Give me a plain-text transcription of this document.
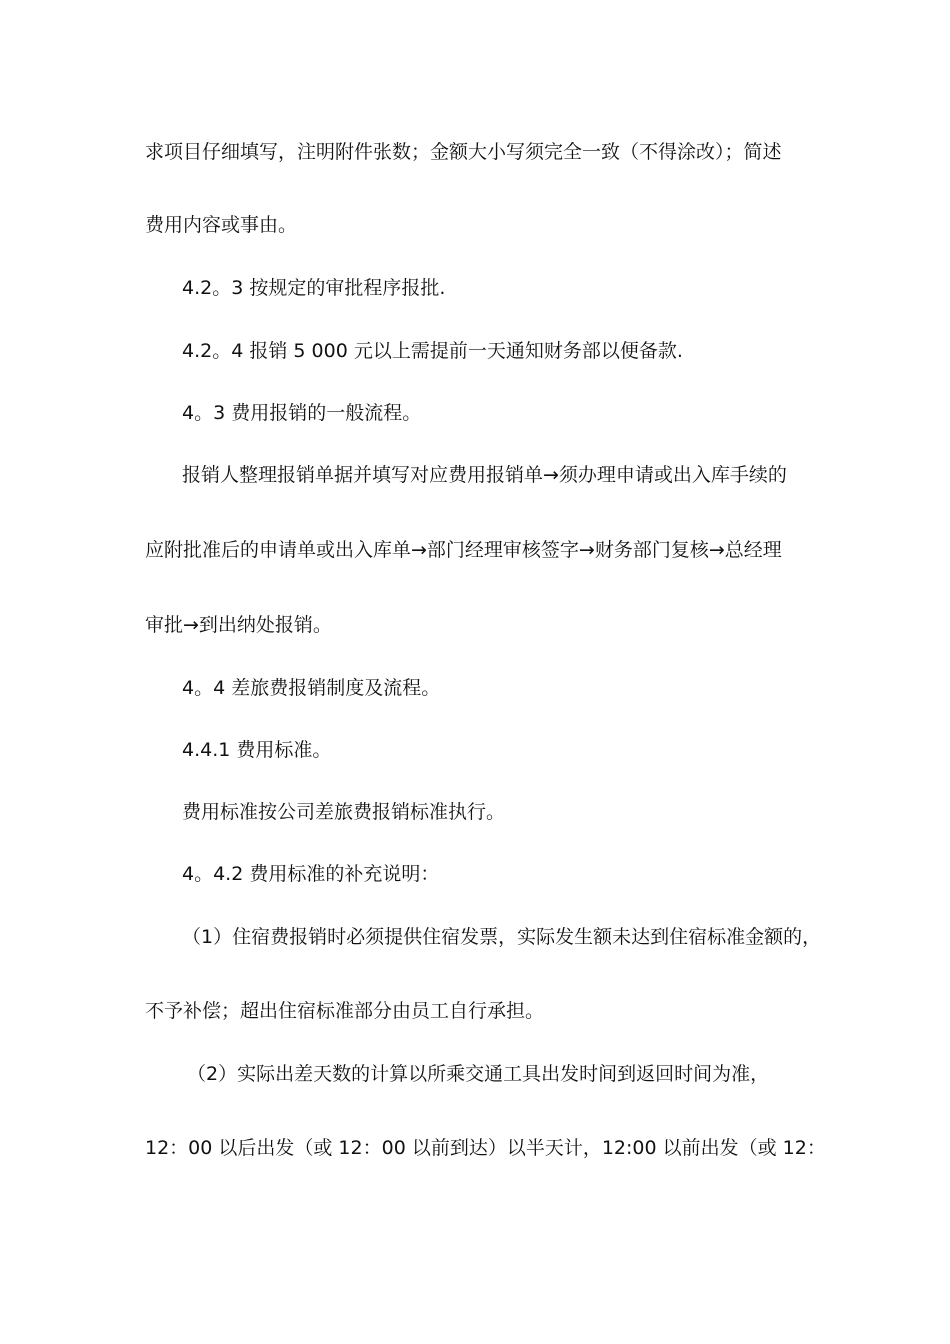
求项目仔细填写，注明附件张数；金额大小写须完全一致（不得涂改）；简述

费用内容或事由。

4.2。3 按规定的审批程序报批.

4.2。4 报销 5 000 元以上需提前一天通知财务部以便备款.

4。3 费用报销的一般流程。

报销人整理报销单据并填写对应费用报销单→须办理申请或出入库手续的

应附批准后的申请单或出入库单→部门经理审核签字→财务部门复核→总经理

审批→到出纳处报销。

4。4 差旅费报销制度及流程。

4.4.1 费用标准。

费用标准按公司差旅费报销标准执行。

4。4.2 费用标准的补充说明：

（1）住宿费报销时必须提供住宿发票，实际发生额未达到住宿标准金额的，

不予补偿；超出住宿标准部分由员工自行承担。

（2）实际出差天数的计算以所乘交通工具出发时间到返回时间为准，

12：00 以后出发（或 12：00 以前到达）以半天计，12:00 以前出发（或 12：
